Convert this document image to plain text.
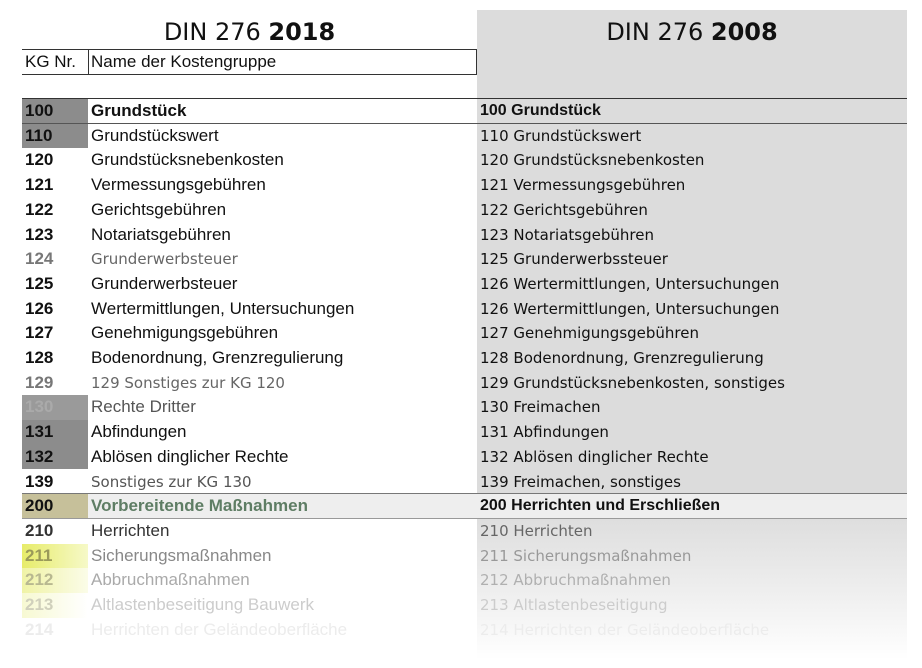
DIN 276 2018	DIN 276 2008
KG Nr. Name der Kostengruppe
100	Grundstück	100 Grundstück
110	Grundstückswert	110 Grundstückswert
120	Grundstücksnebenkosten	120 Grundstücksnebenkosten
121	Vermessungsgebühren	121 Vermessungsgebühren
122	Gerichtsgebühren	122 Gerichtsgebühren
123	Notariatsgebühren	123 Notariatsgebühren
124	Grunderwerbsteuer	125 Grunderwerbssteuer
125	Grunderwerbsteuer	126 Wertermittlungen, Untersuchungen
126	Wertermittlungen, Untersuchungen	126 Wertermittlungen, Untersuchungen
127	Genehmigungsgebühren	127 Genehmigungsgebühren
128	Bodenordnung, Grenzregulierung	128 Bodenordnung, Grenzregulierung
129	129 Sonstiges zur KG 120	129 Grundstücksnebenkosten, sonstiges
130	Rechte Dritter	130 Freimachen
131	Abfindungen	131 Abfindungen
132	Ablösen dinglicher Rechte	132 Ablösen dinglicher Rechte
139	Sonstiges zur KG 130	139 Freimachen, sonstiges
200	Vorbereitende Maßnahmen	200 Herrichten und Erschließen
210	Herrichten	210 Herrichten
211	Sicherungsmaßnahmen	211 Sicherungsmaßnahmen
212	Abbruchmaßnahmen	212 Abbruchmaßnahmen
213	Altlastenbeseitigung Bauwerk	213 Altlastenbeseitigung
214	Herrichten der Geländeoberfläche	214 Herrichten der Geländeoberfläche
